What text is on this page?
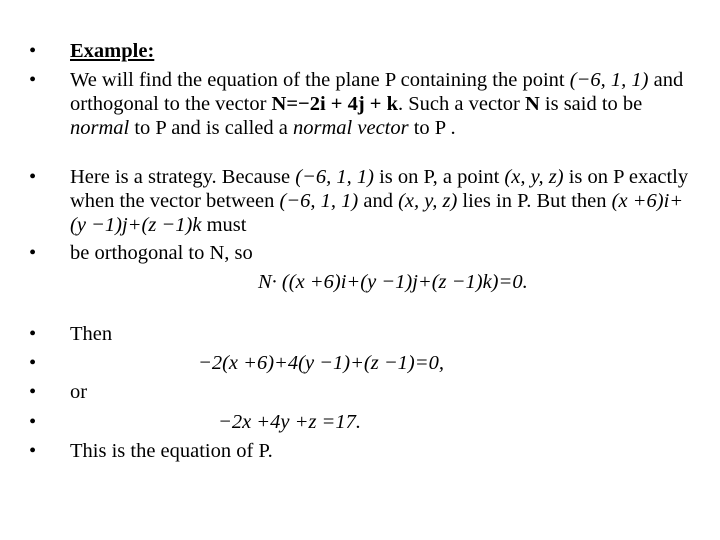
• Example:
• We will find the equation of the plane P containing the point (−6, 1, 1) and orthogonal to the vector N=−2i + 4j + k. Such a vector N is said to be normal to P and is called a normal vector to P .
• Here is a strategy. Because (−6, 1, 1) is on P, a point (x, y, z) is on P exactly when the vector between (−6, 1, 1) and (x, y, z) lies in P. But then (x +6)i+(y −1)j+(z −1)k must
• be orthogonal to N, so
N· ((x +6)i+(y −1)j+(z −1)k)=0.
• Then
•	−2(x +6)+4(y −1)+(z −1)=0,
• or
•	−2x +4y +z =17.
• This is the equation of P.
